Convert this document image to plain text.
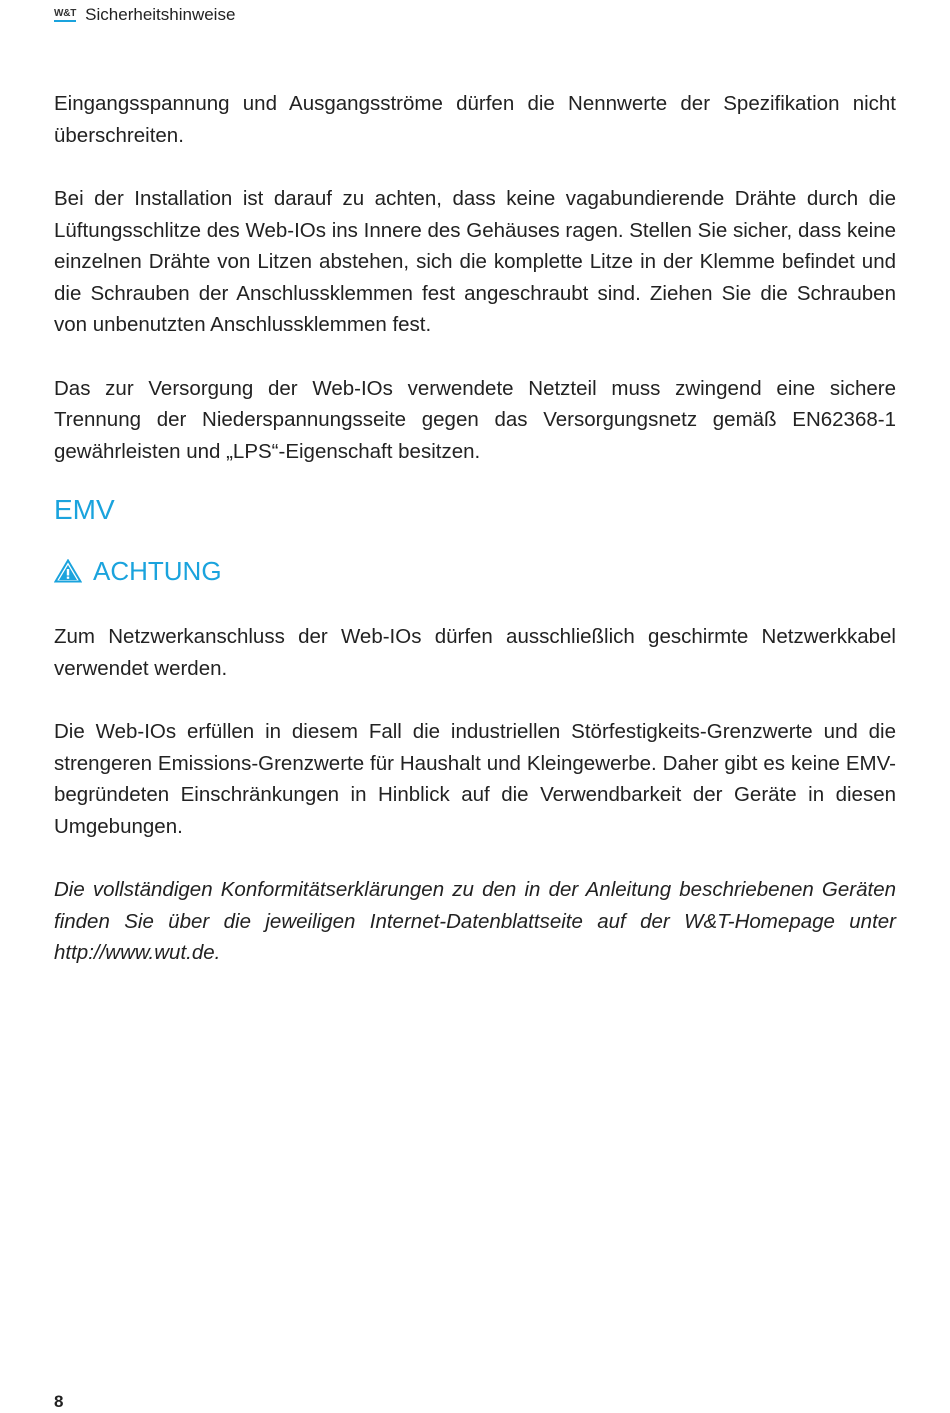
W&T Sicherheitshinweise

Eingangsspannung und Ausgangsströme dürfen die Nennwerte der Spezifikation nicht überschreiten.

Bei der Installation ist darauf zu achten, dass keine vagabundierende Drähte durch die Lüftungsschlitze des Web-IOs ins Innere des Gehäuses ragen. Stellen Sie sicher, dass keine einzelnen Drähte von Litzen abstehen, sich die komplette Litze in der Klemme befindet und die Schrauben der Anschlussklemmen fest angeschraubt sind. Ziehen Sie die Schrauben von unbenutzten Anschlussklemmen fest.

Das zur Versorgung der Web-IOs verwendete Netzteil muss zwingend eine sichere Trennung der Niederspannungsseite gegen das Versorgungsnetz gemäß EN62368-1 gewährleisten und „LPS“-Eigenschaft besitzen.

EMV
ACHTUNG

Zum Netzwerkanschluss der Web-IOs dürfen ausschließlich geschirmte Netzwerkkabel verwendet werden.

Die Web-IOs erfüllen in diesem Fall die industriellen Störfestigkeits-Grenzwerte und die strengeren Emissions-Grenzwerte für Haushalt und Kleingewerbe. Daher gibt es keine EMV-begründeten Einschränkungen in Hinblick auf die Verwendbarkeit der Geräte in diesen Umgebungen.

Die vollständigen Konformitätserklärungen zu den in der Anleitung beschriebenen Geräten finden Sie über die jeweiligen Internet-Datenblattseite auf der W&T-Homepage unter http://www.wut.de.

8
